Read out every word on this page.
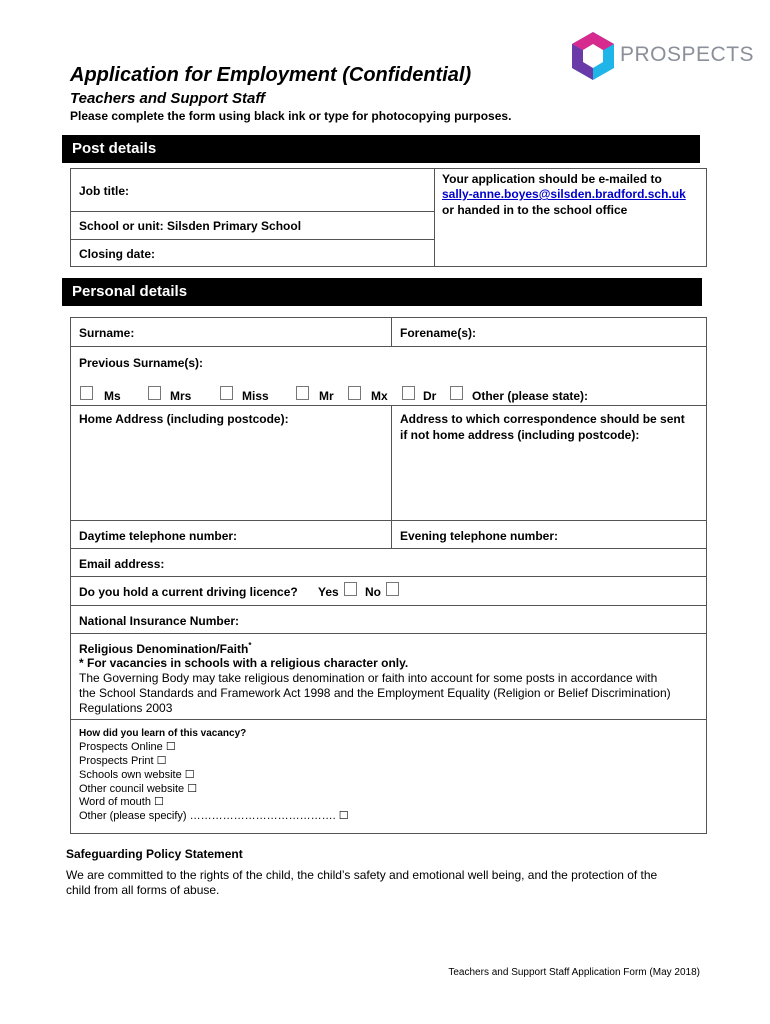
PROSPECTS
Application for Employment (Confidential)
Teachers and Support Staff
Please complete the form using black ink or type for photocopying purposes.
Post details
Job title:
School or unit: Silsden Primary School
Closing date:
Your application should be e-mailed to
sally-anne.boyes@silsden.bradford.sch.uk
or handed in to the school office
Personal details
Surname:	Forename(s):
Previous Surname(s):
Ms	Mrs	Miss	Mr	Mx	Dr	Other (please state):
Home Address (including postcode):	Address to which correspondence should be sent
if not home address (including postcode):
Daytime telephone number:	Evening telephone number:
Email address:
Do you hold a current driving licence? Yes No
National Insurance Number:
Religious Denomination/Faith*
* For vacancies in schools with a religious character only.
The Governing Body may take religious denomination or faith into account for some posts in accordance with
the School Standards and Framework Act 1998 and the Employment Equality (Religion or Belief Discrimination)
Regulations 2003
How did you learn of this vacancy?
Prospects Online ☐
Prospects Print ☐
Schools own website ☐
Other council website ☐
Word of mouth ☐
Other (please specify) …………………………………. ☐
Safeguarding Policy Statement
We are committed to the rights of the child, the child’s safety and emotional well being, and the protection of the
child from all forms of abuse.
Teachers and Support Staff Application Form (May 2018)
